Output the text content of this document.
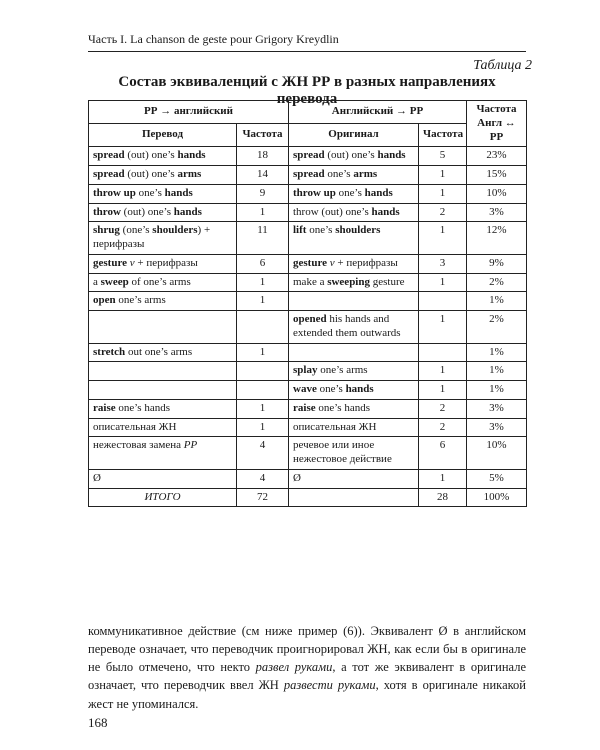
Часть I. La chanson de geste pour Grigory Kreydlin
Таблица 2
Состав эквиваленций с ЖН РР в разных направлениях перевода
РР → английский		Английский → РР		Частота Англ ↔ РР
Перевод	Частота	Оригинал	Частота	
spread (out) one’s hands	18	spread (out) one’s hands	5	23%
spread (out) one’s arms	14	spread one’s arms	1	15%
throw up one’s hands	9	throw up one’s hands	1	10%
throw (out) one’s hands	1	throw (out) one’s hands	2	3%
shrug (one’s shoulders) + перифразы	11	lift one’s shoulders	1	12%
gesture v + перифразы	6	gesture v + перифразы	3	9%
a sweep of one’s arms	1	make a sweeping gesture	1	2%
open one’s arms	1			1%
		opened his hands and extended them outwards	1	2%
stretch out one’s arms	1			1%
		splay one’s arms	1	1%
		wave one’s hands	1	1%
raise one’s hands	1	raise one’s hands	2	3%
описательная ЖН	1	описательная ЖН	2	3%
нежестовая замена РР	4	речевое или иное нежестовое действие	6	10%
Ø	4	Ø	1	5%
ИТОГО	72		28	100%
коммуникативное действие (см ниже пример (6)). Эквивалент Ø в английском переводе означает, что переводчик проигнорировал ЖН, как если бы в оригинале не было отмечено, что некто развел руками, а тот же эквивалент в оригинале означает, что переводчик ввел ЖН развести руками, хотя в оригинале никакой жест не упоминался.
168
